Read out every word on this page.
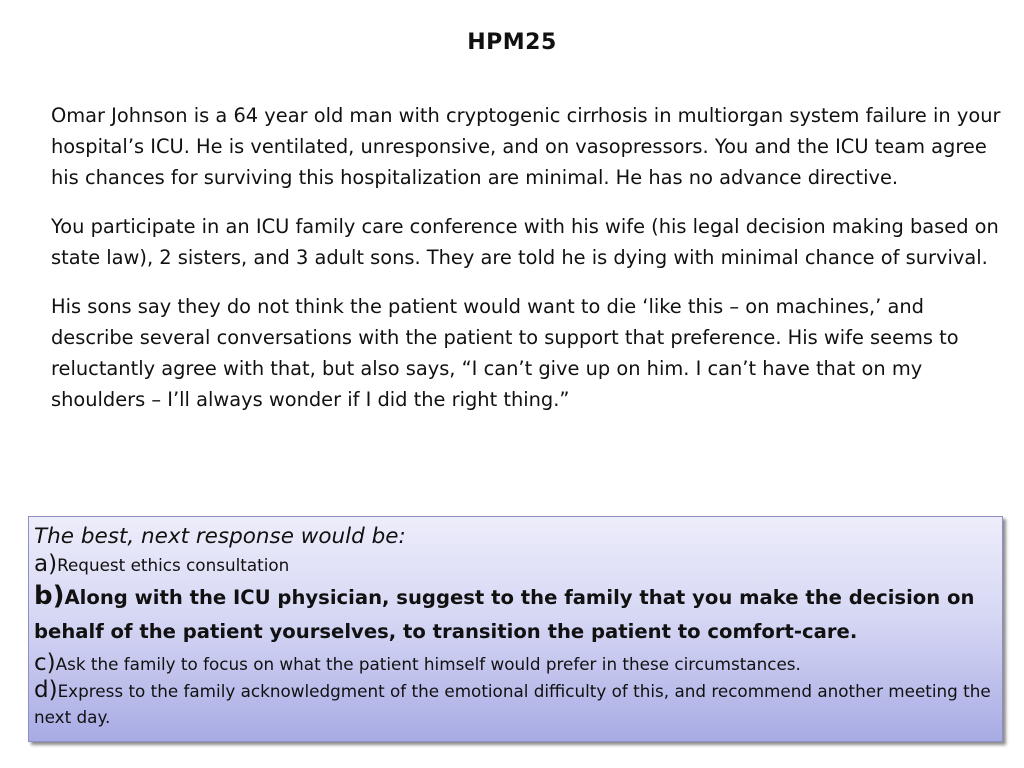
HPM25

Omar Johnson is a 64 year old man with cryptogenic cirrhosis in multiorgan system failure in your hospital’s ICU. He is ventilated, unresponsive, and on vasopressors. You and the ICU team agree his chances for surviving this hospitalization are minimal. He has no advance directive.

You participate in an ICU family care conference with his wife (his legal decision making based on state law), 2 sisters, and 3 adult sons. They are told he is dying with minimal chance of survival.

His sons say they do not think the patient would want to die ‘like this – on machines,’ and describe several conversations with the patient to support that preference. His wife seems to reluctantly agree with that, but also says, “I can’t give up on him. I can’t have that on my shoulders – I’ll always wonder if I did the right thing.”

The best, next response would be:
a)Request ethics consultation
b)Along with the ICU physician, suggest to the family that you make the decision on behalf of the patient yourselves, to transition the patient to comfort-care.
c)Ask the family to focus on what the patient himself would prefer in these circumstances.
d)Express to the family acknowledgment of the emotional difficulty of this, and recommend another meeting the next day.
